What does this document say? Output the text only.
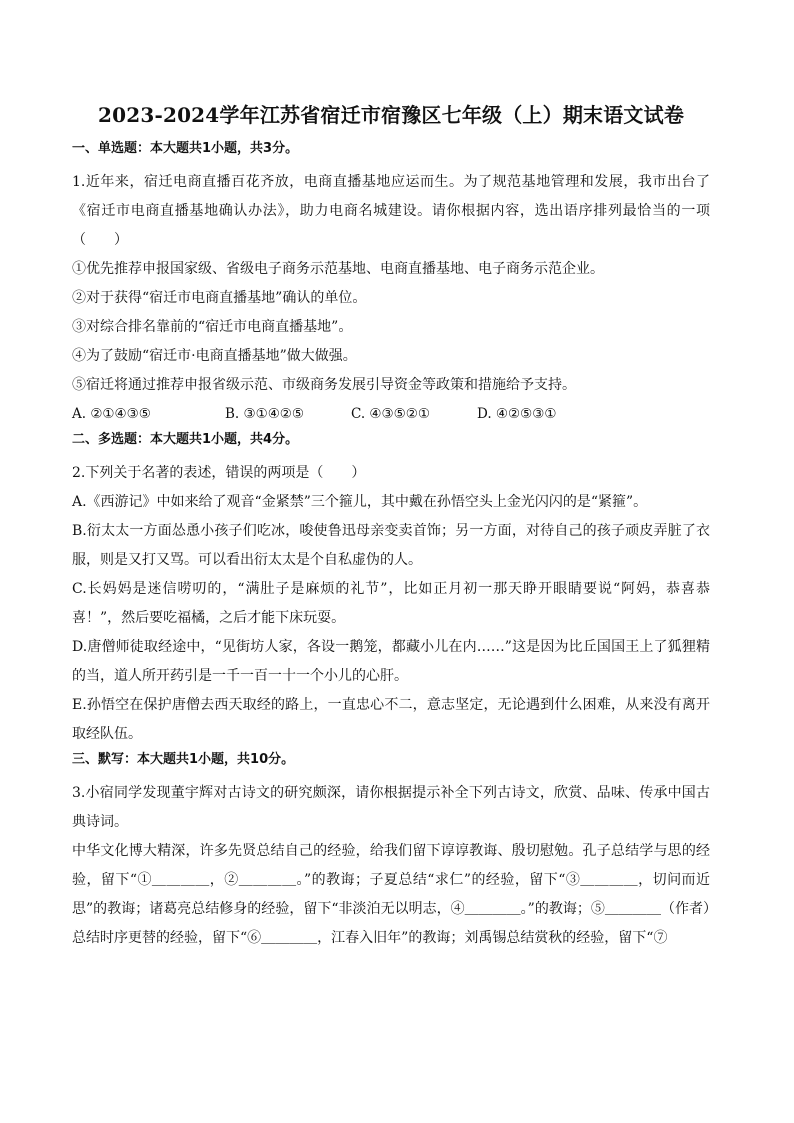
2023-2024学年江苏省宿迁市宿豫区七年级（上）期末语文试卷
一、单选题：本大题共1小题，共3分。

1.近年来，宿迁电商直播百花齐放，电商直播基地应运而生。为了规范基地管理和发展，我市出台了《宿迁市电商直播基地确认办法》，助力电商名城建设。请你根据内容，选出语序排列最恰当的一项（　　）

①优先推荐申报国家级、省级电子商务示范基地、电商直播基地、电子商务示范企业。

②对于获得“宿迁市电商直播基地”确认的单位。

③对综合排名靠前的“宿迁市电商直播基地”。

④为了鼓励“宿迁市·电商直播基地”做大做强。

⑤宿迁将通过推荐申报省级示范、市级商务发展引导资金等政策和措施给予支持。

A. ②①④③⑤	B. ③①④②⑤	C. ④③⑤②①	D. ④②⑤③①
二、多选题：本大题共1小题，共4分。

2.下列关于名著的表述，错误的两项是（　　）

A.《西游记》中如来给了观音“金紧禁”三个箍儿，其中戴在孙悟空头上金光闪闪的是“紧箍”。

B.衍太太一方面怂恿小孩子们吃冰，唆使鲁迅母亲变卖首饰；另一方面，对待自己的孩子顽皮弄脏了衣服，则是又打又骂。可以看出衍太太是个自私虚伪的人。

C.长妈妈是迷信唠叨的，“满肚子是麻烦的礼节”，比如正月初一那天睁开眼睛要说“阿妈，恭喜恭喜！”，然后要吃福橘，之后才能下床玩耍。

D.唐僧师徒取经途中，“见街坊人家，各设一鹅笼，都藏小儿在内……”这是因为比丘国国王上了狐狸精的当，道人所开药引是一千一百一十一个小儿的心肝。

E.孙悟空在保护唐僧去西天取经的路上，一直忠心不二，意志坚定，无论遇到什么困难，从来没有离开取经队伍。

三、默写：本大题共1小题，共10分。

3.小宿同学发现董宇辉对古诗文的研究颇深，请你根据提示补全下列古诗文，欣赏、品味、传承中国古典诗词。

中华文化博大精深，许多先贤总结自己的经验，给我们留下谆谆教诲、殷切慰勉。孔子总结学与思的经验，留下“①＿＿＿＿，②＿＿＿＿。”的教诲；子夏总结“求仁”的经验，留下“③＿＿＿＿，切问而近思”的教诲；诸葛亮总结修身的经验，留下“非淡泊无以明志，④＿＿＿＿。”的教诲；⑤＿＿＿＿（作者）总结时序更替的经验，留下“⑥＿＿＿＿，江春入旧年”的教诲；刘禹锡总结赏秋的经验，留下“⑦
